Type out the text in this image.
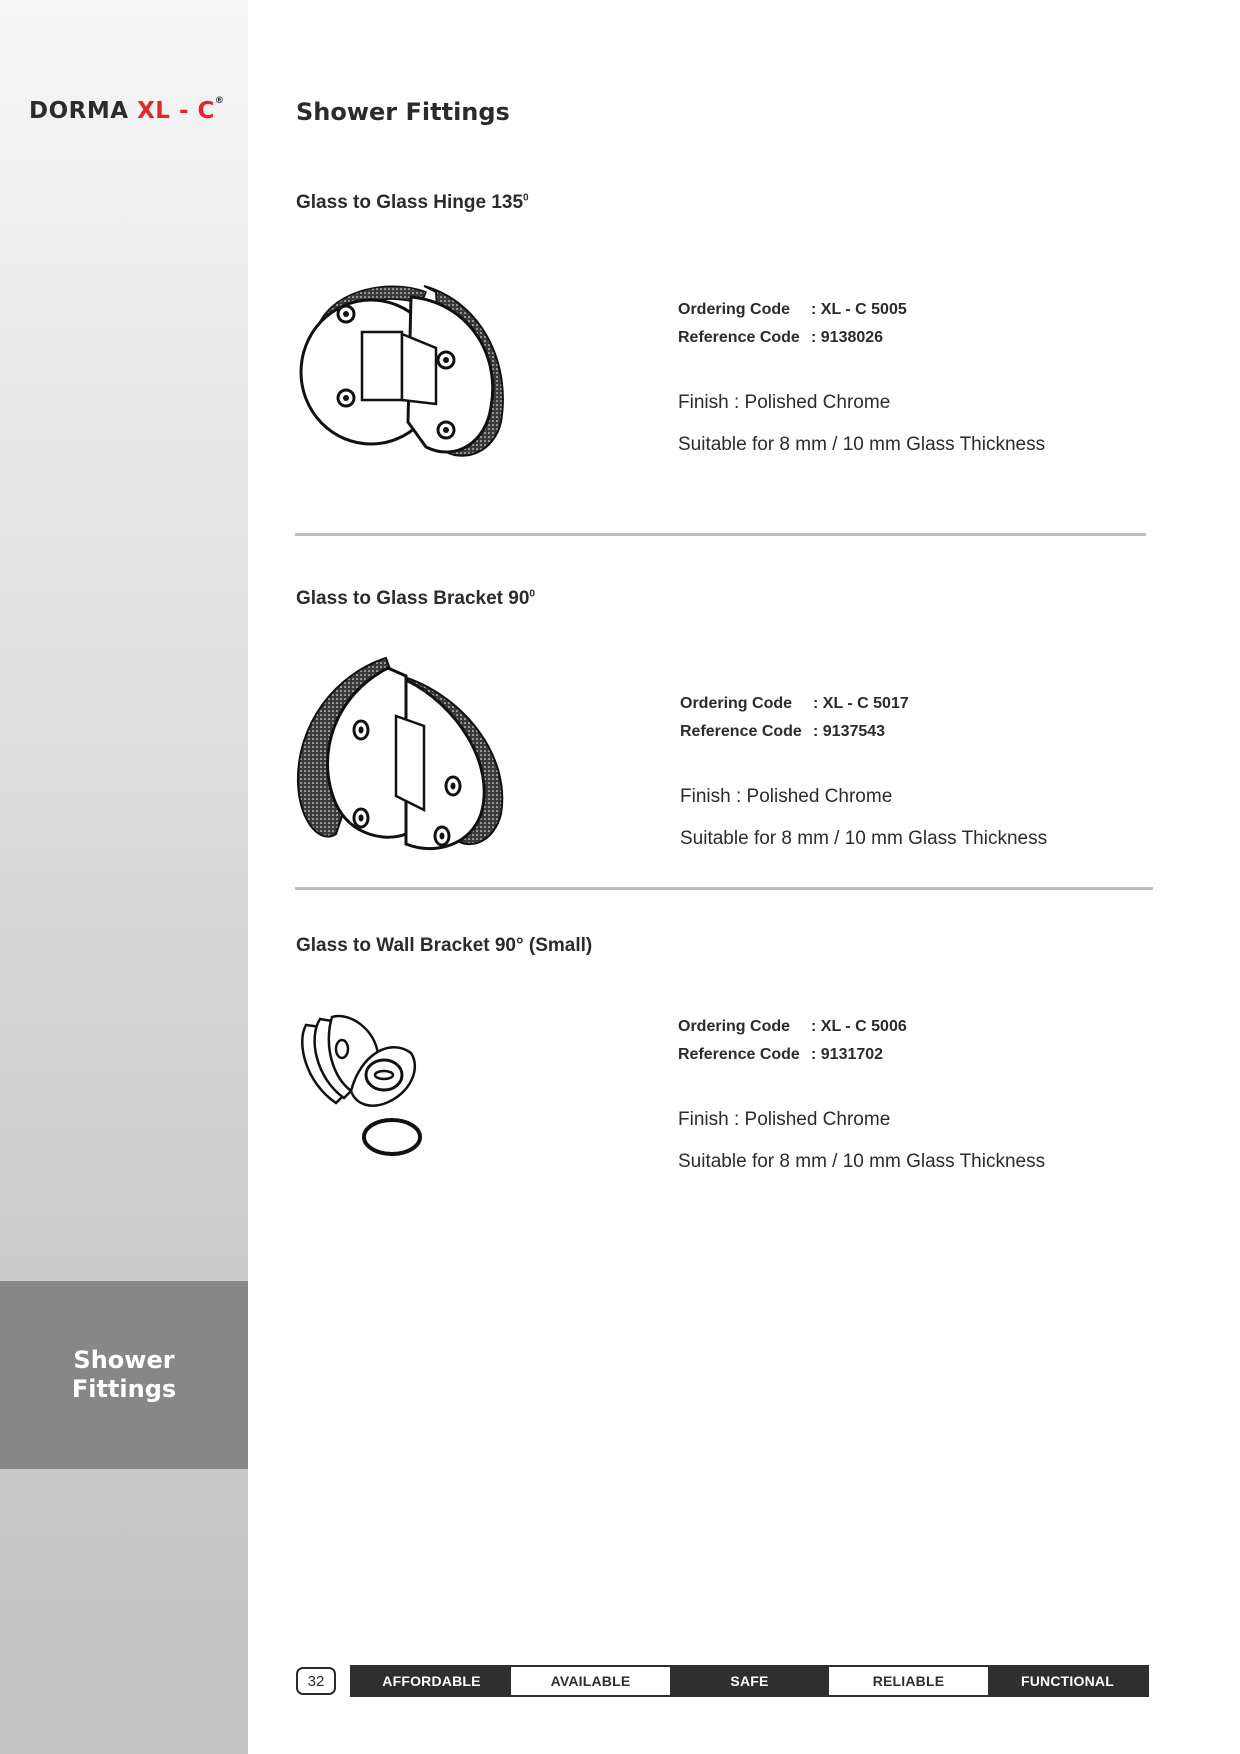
DORMA XL - C®
Shower Fittings
Shower Fittings
Glass to Glass Hinge $135^0$
Ordering Code	: XL - C 5005
Reference Code : 9138026
Finish : Polished Chrome
Suitable for 8 mm / 10 mm Glass Thickness
Glass to Glass Bracket $90^0$
Ordering Code	: XL - C 5017
Reference Code : 9137543
Finish : Polished Chrome
Suitable for 8 mm / 10 mm Glass Thickness
Glass to Wall Bracket 90° (Small)
Ordering Code	: XL - C 5006
Reference Code : 9131702
Finish : Polished Chrome
Suitable for 8 mm / 10 mm Glass Thickness
32	AFFORDABLE	AVAILABLE	SAFE	RELIABLE	FUNCTIONAL
